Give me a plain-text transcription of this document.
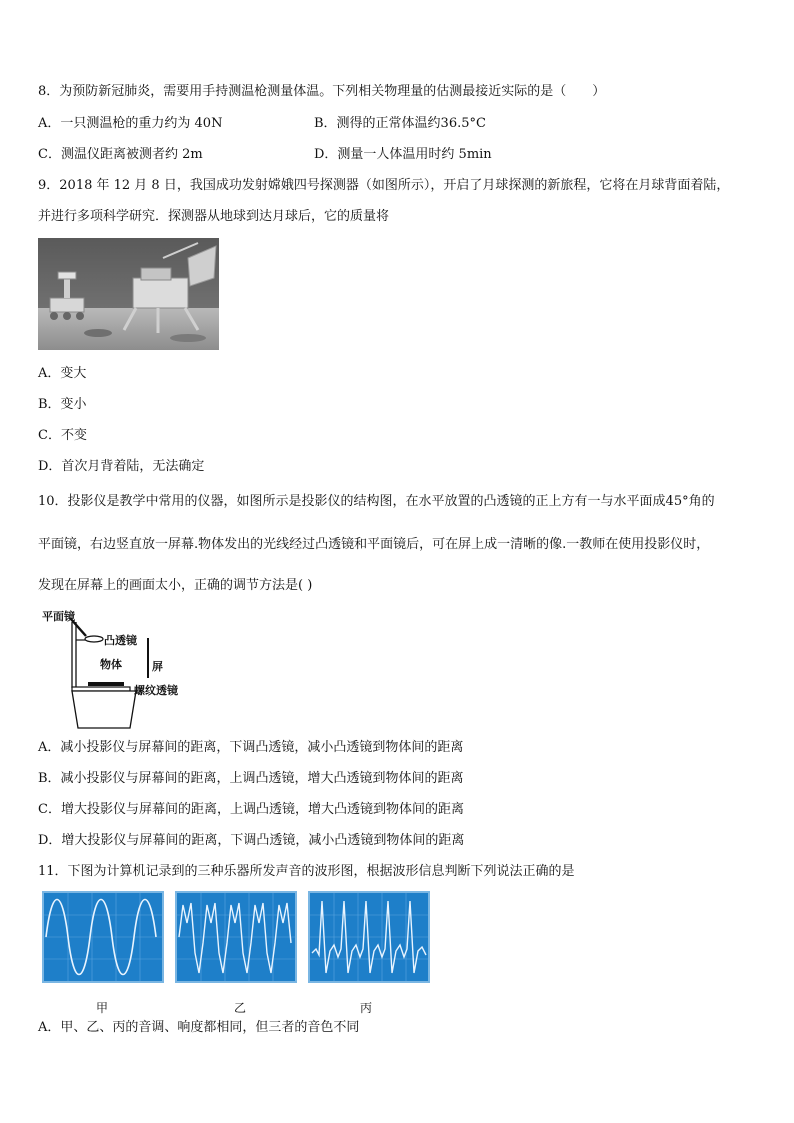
8．为预防新冠肺炎，需要用手持测温枪测量体温。下列相关物理量的估测最接近实际的是（　　）
A．一只测温枪的重力约为 40N	B．测得的正常体温约36.5°C
C．测温仪距离被测者约 2m	D．测量一人体温用时约 5min
9．2018 年 12 月 8 日，我国成功发射嫦娥四号探测器（如图所示），开启了月球探测的新旅程，它将在月球背面着陆，
并进行多项科学研究．探测器从地球到达月球后，它的质量将
A．变大
B．变小
C．不变
D．首次月背着陆，无法确定
10．投影仪是教学中常用的仪器，如图所示是投影仪的结构图，在水平放置的凸透镜的正上方有一与水平面成45°角的
平面镜，右边竖直放一屏幕.物体发出的光线经过凸透镜和平面镜后，可在屏上成一清晰的像.一教师在使用投影仪时，
发现在屏幕上的画面太小，正确的调节方法是( )
平面镜
凸透镜
物体	屏
螺纹透镜
A．减小投影仪与屏幕间的距离，下调凸透镜，减小凸透镜到物体间的距离
B．减小投影仪与屏幕间的距离，上调凸透镜，增大凸透镜到物体间的距离
C．增大投影仪与屏幕间的距离，上调凸透镜，增大凸透镜到物体间的距离
D．增大投影仪与屏幕间的距离，下调凸透镜，减小凸透镜到物体间的距离
11．下图为计算机记录到的三种乐器所发声音的波形图，根据波形信息判断下列说法正确的是
甲	乙	丙
A．甲、乙、丙的音调、响度都相同，但三者的音色不同
